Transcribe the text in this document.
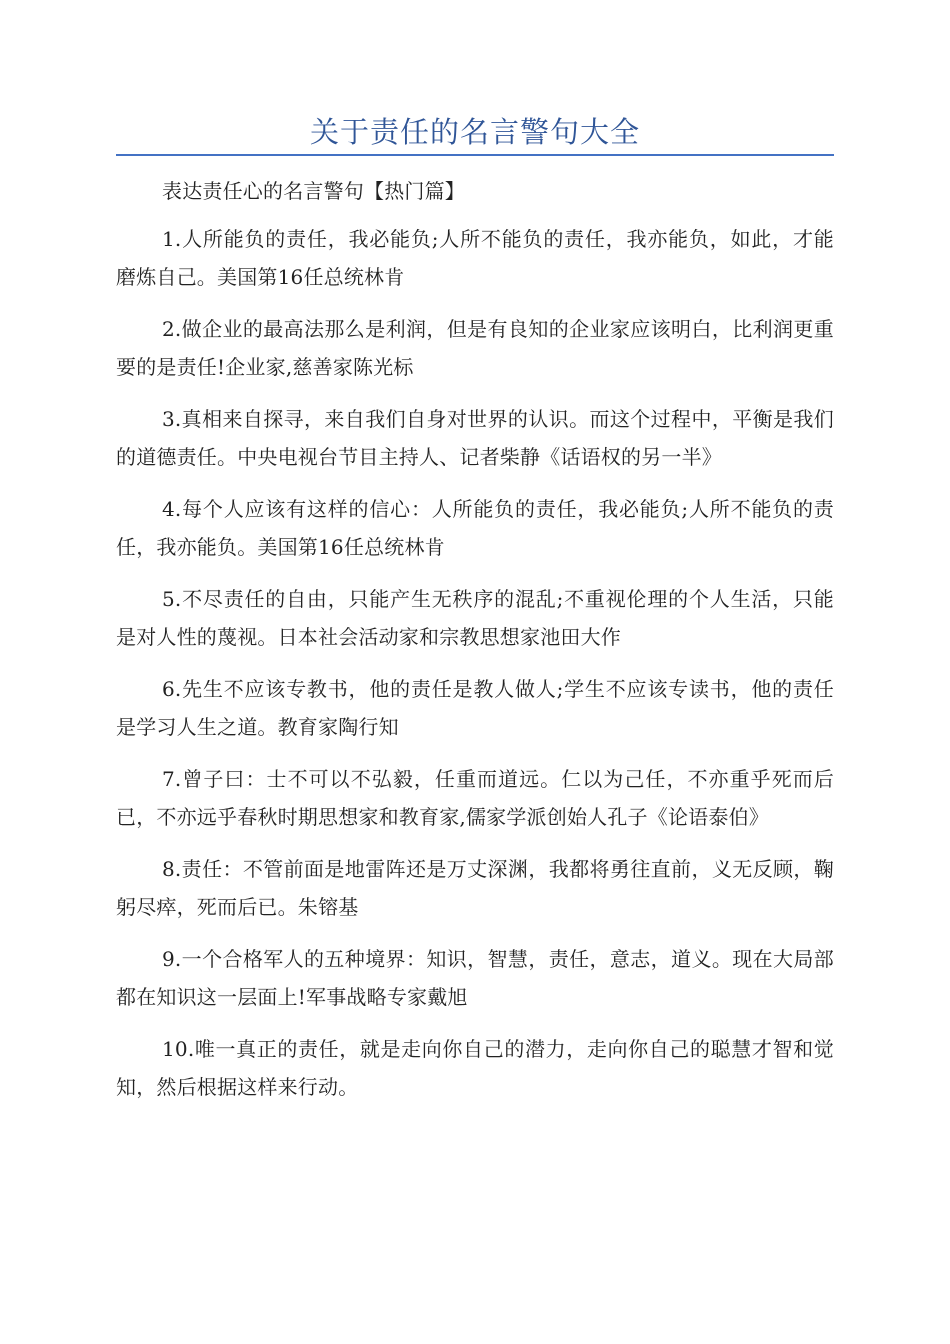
关于责任的名言警句大全

表达责任心的名言警句【热门篇】

1.人所能负的责任，我必能负;人所不能负的责任，我亦能负，如此，才能磨炼自己。美国第16任总统林肯

2.做企业的最高法那么是利润，但是有良知的企业家应该明白，比利润更重要的是责任!企业家,慈善家陈光标

3.真相来自探寻，来自我们自身对世界的认识。而这个过程中，平衡是我们的道德责任。中央电视台节目主持人、记者柴静《话语权的另一半》

4.每个人应该有这样的信心：人所能负的责任，我必能负;人所不能负的责任，我亦能负。美国第16任总统林肯

5.不尽责任的自由，只能产生无秩序的混乱;不重视伦理的个人生活，只能是对人性的蔑视。日本社会活动家和宗教思想家池田大作

6.先生不应该专教书，他的责任是教人做人;学生不应该专读书，他的责任是学习人生之道。教育家陶行知

7.曾子曰：士不可以不弘毅，任重而道远。仁以为己任，不亦重乎死而后已，不亦远乎春秋时期思想家和教育家,儒家学派创始人孔子《论语泰伯》

8.责任：不管前面是地雷阵还是万丈深渊，我都将勇往直前，义无反顾，鞠躬尽瘁，死而后已。朱镕基

9.一个合格军人的五种境界：知识，智慧，责任，意志，道义。现在大局部都在知识这一层面上!军事战略专家戴旭

10.唯一真正的责任，就是走向你自己的潜力，走向你自己的聪慧才智和觉知，然后根据这样来行动。
